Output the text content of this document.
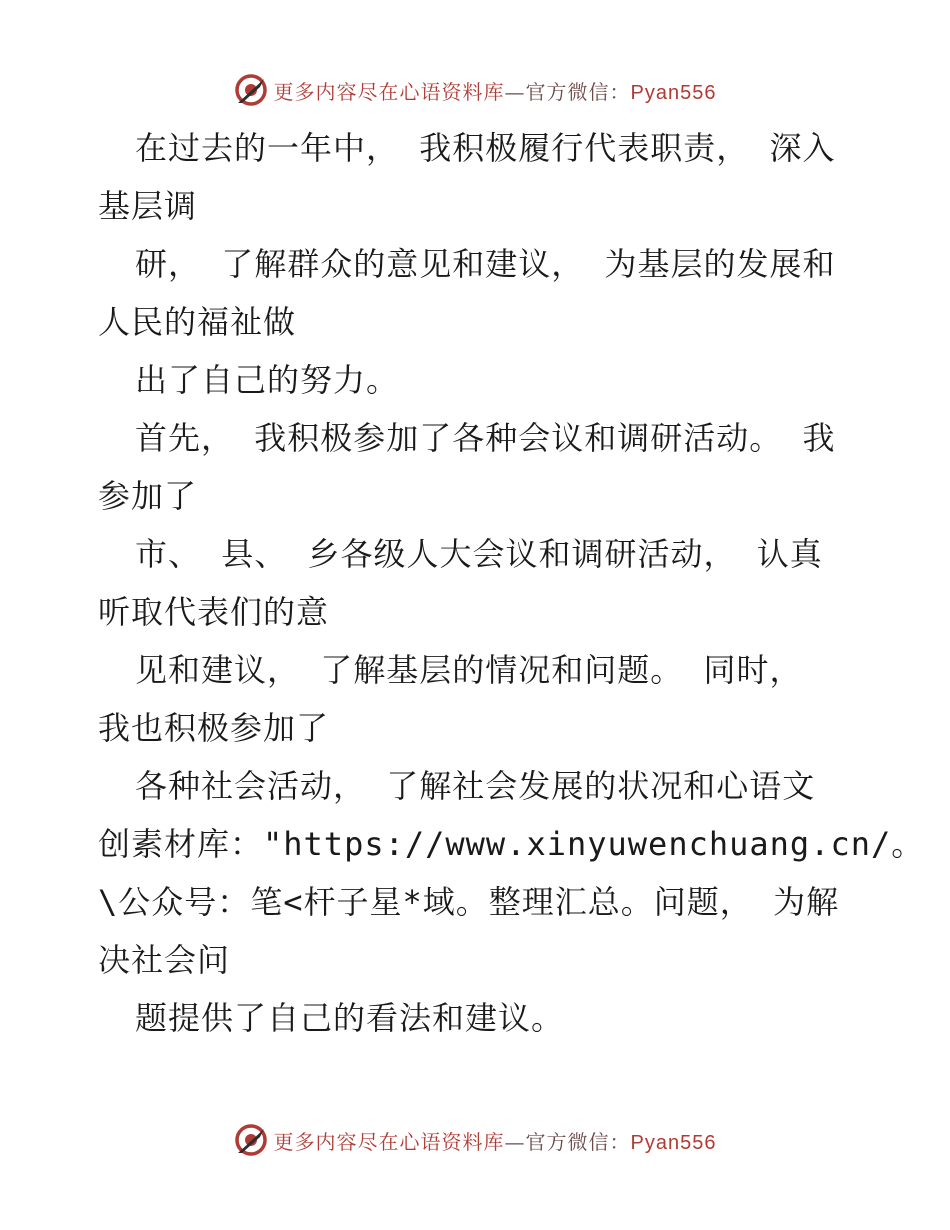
更多内容尽在心语资料库—官方微信：Pyan556
在过去的一年中， 我积极履行代表职责， 深入
基层调
研， 了解群众的意见和建议， 为基层的发展和
人民的福祉做
出了自己的努力。
首先， 我积极参加了各种会议和调研活动。 我
参加了
市、 县、 乡各级人大会议和调研活动， 认真
听取代表们的意
见和建议， 了解基层的情况和问题。 同时，
我也积极参加了
各种社会活动， 了解社会发展的状况和心语文
创素材库："https://www.xinyuwenchuang.cn/。
\公众号：笔<杆子星*域。整理汇总。问题， 为解
决社会问
题提供了自己的看法和建议。
更多内容尽在心语资料库—官方微信：Pyan556
